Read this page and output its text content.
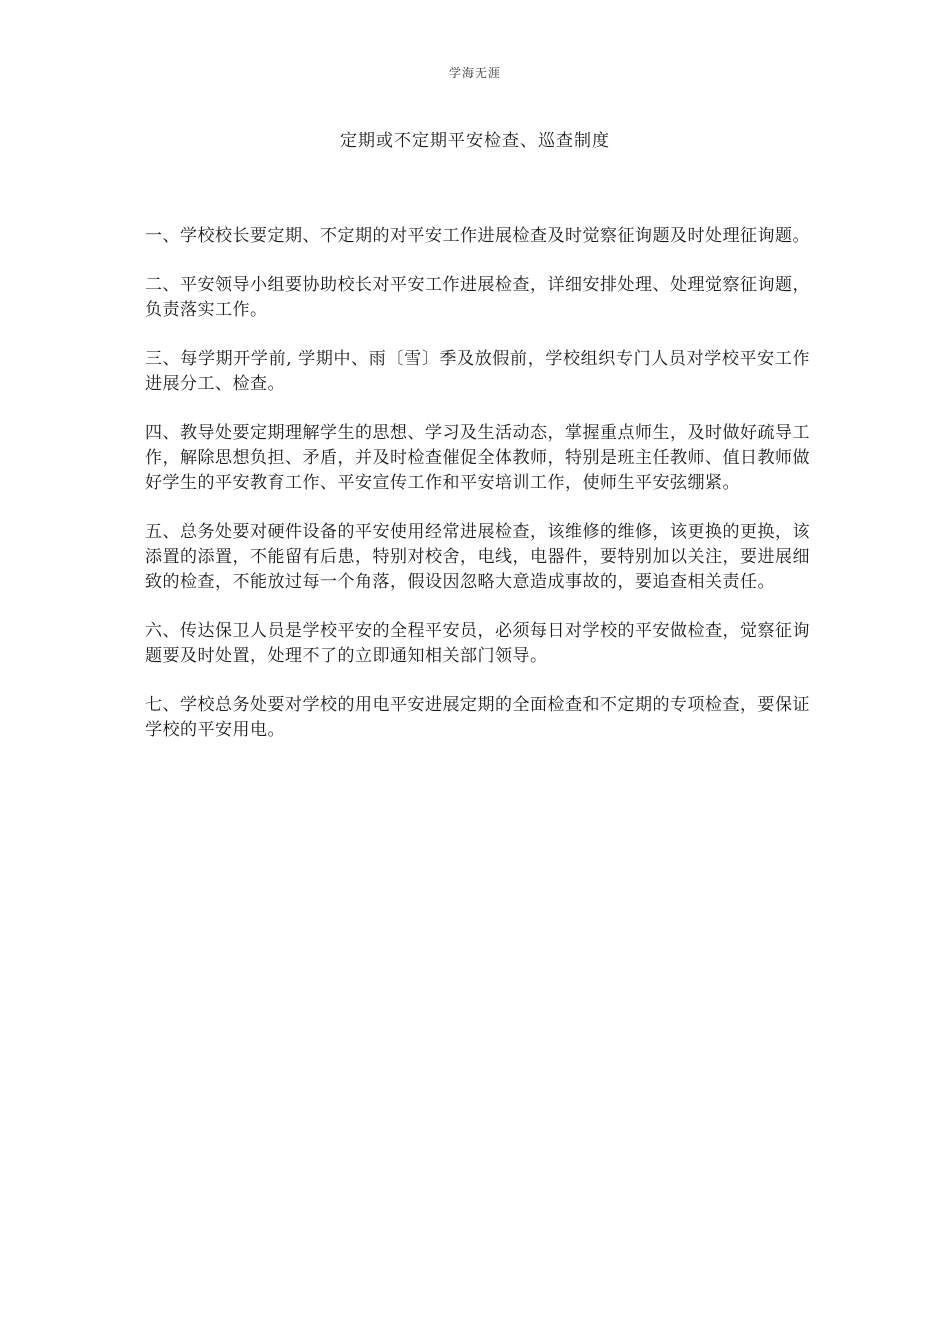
学海无涯
定期或不定期平安检查、巡查制度

一、学校校长要定期、不定期的对平安工作进展检查及时觉察征询题及时处理征询题。

二、平安领导小组要协助校长对平安工作进展检查，详细安排处理、处理觉察征询题，负责落实工作。

三、每学期开学前, 学期中、雨〔雪〕季及放假前，学校组织专门人员对学校平安工作进展分工、检查。

四、教导处要定期理解学生的思想、学习及生活动态，掌握重点师生，及时做好疏导工作，解除思想负担、矛盾，并及时检查催促全体教师，特别是班主任教师、值日教师做好学生的平安教育工作、平安宣传工作和平安培训工作，使师生平安弦绷紧。

五、总务处要对硬件设备的平安使用经常进展检查，该维修的维修，该更换的更换，该添置的添置，不能留有后患，特别对校舍，电线，电器件，要特别加以关注，要进展细致的检查，不能放过每一个角落，假设因忽略大意造成事故的，要追查相关责任。

六、传达保卫人员是学校平安的全程平安员，必须每日对学校的平安做检查，觉察征询题要及时处置，处理不了的立即通知相关部门领导。

七、学校总务处要对学校的用电平安进展定期的全面检查和不定期的专项检查，要保证学校的平安用电。
